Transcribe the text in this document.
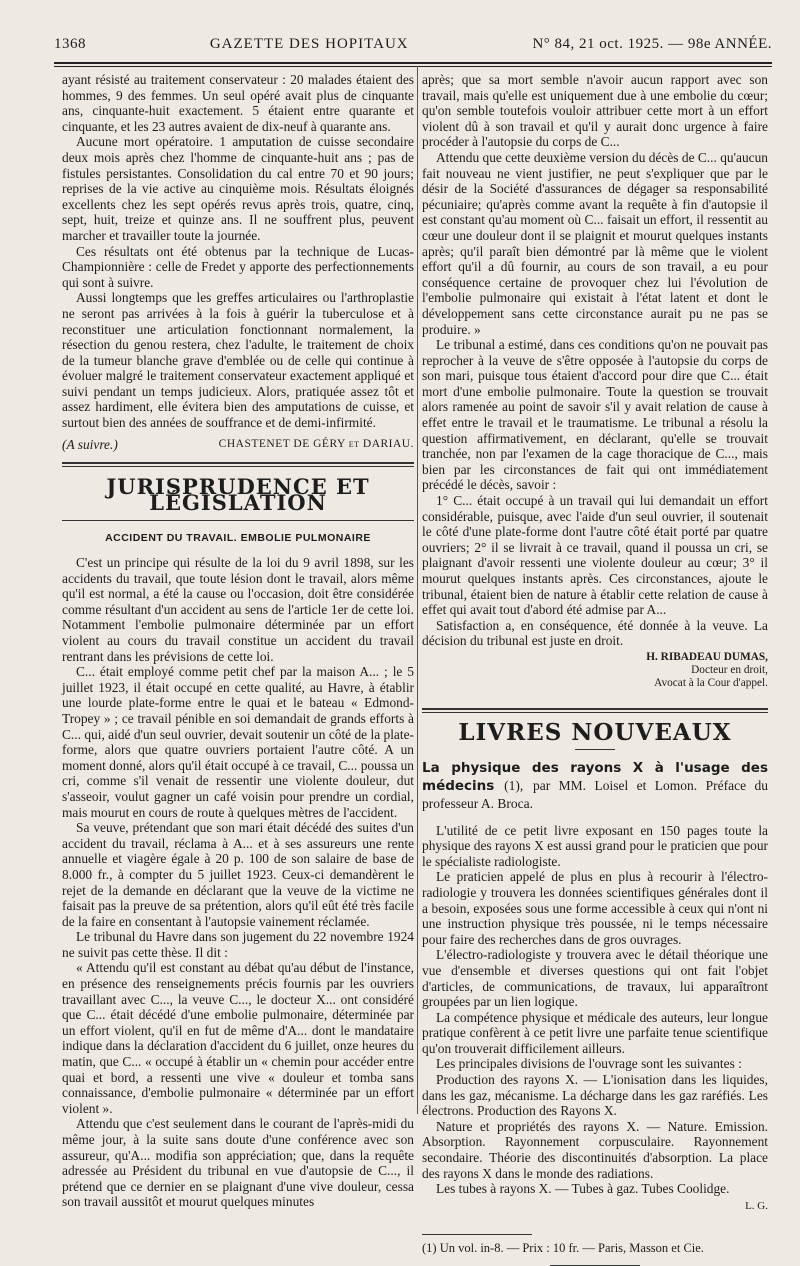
1368	GAZETTE DES HOPITAUX	N° 84, 21 oct. 1925. — 98e ANNÉE.

ayant résisté au traitement conservateur : 20 malades étaient des hommes, 9 des femmes. Un seul opéré avait plus de cinquante ans, cinquante-huit exactement. 5 étaient entre quarante et cinquante, et les 23 autres avaient de dix-neuf à quarante ans.

Aucune mort opératoire. 1 amputation de cuisse secondaire deux mois après chez l'homme de cinquante-huit ans ; pas de fistules persistantes. Consolidation du cal entre 70 et 90 jours; reprises de la vie active au cinquième mois. Résultats éloignés excellents chez les sept opérés revus après trois, quatre, cinq, sept, huit, treize et quinze ans. Il ne souffrent plus, peuvent marcher et travailler toute la journée.

Ces résultats ont été obtenus par la technique de Lucas-Championnière : celle de Fredet y apporte des perfectionnements qui sont à suivre.

Aussi longtemps que les greffes articulaires ou l'arthroplastie ne seront pas arrivées à la fois à guérir la tuberculose et à reconstituer une articulation fonctionnant normalement, la résection du genou restera, chez l'adulte, le traitement de choix de la tumeur blanche grave d'emblée ou de celle qui continue à évoluer malgré le traitement conservateur exactement appliqué et suivi pendant un temps judicieux. Alors, pratiquée assez tôt et assez hardiment, elle évitera bien des amputations de cuisse, et surtout bien des années de souffrance et de demi-infirmité.

(A suivre.)	CHASTENET DE GÉRY et DARIAU.
JURISPRUDENCE ET LÉGISLATION
ACCIDENT DU TRAVAIL. EMBOLIE PULMONAIRE

C'est un principe qui résulte de la loi du 9 avril 1898, sur les accidents du travail, que toute lésion dont le travail, alors même qu'il est normal, a été la cause ou l'occasion, doit être considérée comme résultant d'un accident au sens de l'article 1er de cette loi. Notamment l'embolie pulmonaire déterminée par un effort violent au cours du travail constitue un accident du travail rentrant dans les prévisions de cette loi.

C... était employé comme petit chef par la maison A... ; le 5 juillet 1923, il était occupé en cette qualité, au Havre, à établir une lourde plate-forme entre le quai et le bateau « Edmond-Tropey » ; ce travail pénible en soi demandait de grands efforts à C... qui, aidé d'un seul ouvrier, devait soutenir un côté de la plate-forme, alors que quatre ouvriers portaient l'autre côté. A un moment donné, alors qu'il était occupé à ce travail, C... poussa un cri, comme s'il venait de ressentir une violente douleur, dut s'asseoir, voulut gagner un café voisin pour prendre un cordial, mais mourut en cours de route à quelques mètres de l'accident.

Sa veuve, prétendant que son mari était décédé des suites d'un accident du travail, réclama à A... et à ses assureurs une rente annuelle et viagère égale à 20 p. 100 de son salaire de base de 8.000 fr., à compter du 5 juillet 1923. Ceux-ci demandèrent le rejet de la demande en déclarant que la veuve de la victime ne faisait pas la preuve de sa prétention, alors qu'il eût été très facile de la faire en consentant à l'autopsie vainement réclamée.

Le tribunal du Havre dans son jugement du 22 novembre 1924 ne suivit pas cette thèse. Il dit :

« Attendu qu'il est constant au débat qu'au début de l'instance, en présence des renseignements précis fournis par les ouvriers travaillant avec C..., la veuve C..., le docteur X... ont considéré que C... était décédé d'une embolie pulmonaire, déterminée par un effort violent, qu'il en fut de même d'A... dont le mandataire indique dans la déclaration d'accident du 6 juillet, onze heures du matin, que C... « occupé à établir un « chemin pour accéder entre quai et bord, a ressenti une vive « douleur et tomba sans connaissance, d'embolie pulmonaire « déterminée par un effort violent ».

Attendu que c'est seulement dans le courant de l'après-midi du même jour, à la suite sans doute d'une conférence avec son assureur, qu'A... modifia son appréciation; que, dans la requête adressée au Président du tribunal en vue d'autopsie de C..., il prétend que ce dernier en se plaignant d'une vive douleur, cessa son travail aussitôt et mourut quelques minutes

après; que sa mort semble n'avoir aucun rapport avec son travail, mais qu'elle est uniquement due à une embolie du cœur; qu'on semble toutefois vouloir attribuer cette mort à un effort violent dû à son travail et qu'il y aurait donc urgence à faire procéder à l'autopsie du corps de C...

Attendu que cette deuxième version du décès de C... qu'aucun fait nouveau ne vient justifier, ne peut s'expliquer que par le désir de la Société d'assurances de dégager sa responsabilité pécuniaire; qu'après comme avant la requête à fin d'autopsie il est constant qu'au moment où C... faisait un effort, il ressentit au cœur une douleur dont il se plaignit et mourut quelques instants après; qu'il paraît bien démontré par là même que le violent effort qu'il a dû fournir, au cours de son travail, a eu pour conséquence certaine de provoquer chez lui l'évolution de l'embolie pulmonaire qui existait à l'état latent et dont le développement sans cette circonstance aurait pu ne pas se produire. »

Le tribunal a estimé, dans ces conditions qu'on ne pouvait pas reprocher à la veuve de s'être opposée à l'autopsie du corps de son mari, puisque tous étaient d'accord pour dire que C... était mort d'une embolie pulmonaire. Toute la question se trouvait alors ramenée au point de savoir s'il y avait relation de cause à effet entre le travail et le traumatisme. Le tribunal a résolu la question affirmativement, en déclarant, qu'elle se trouvait tranchée, non par l'examen de la cage thoracique de C..., mais bien par les circonstances de fait qui ont immédiatement précédé le décès, savoir :

1° C... était occupé à un travail qui lui demandait un effort considérable, puisque, avec l'aide d'un seul ouvrier, il soutenait le côté d'une plate-forme dont l'autre côté était porté par quatre ouvriers; 2° il se livrait à ce travail, quand il poussa un cri, se plaignant d'avoir ressenti une violente douleur au cœur; 3° il mourut quelques instants après. Ces circonstances, ajoute le tribunal, étaient bien de nature à établir cette relation de cause à effet qui avait tout d'abord été admise par A...

Satisfaction a, en conséquence, été donnée à la veuve. La décision du tribunal est juste en droit.

H. RIBADEAU DUMAS,
Docteur en droit,
Avocat à la Cour d'appel.
LIVRES NOUVEAUX
La physique des rayons X à l'usage des médecins (1), par MM. Loisel et Lomon. Préface du professeur A. Broca.

L'utilité de ce petit livre exposant en 150 pages toute la physique des rayons X est aussi grand pour le praticien que pour le spécialiste radiologiste.

Le praticien appelé de plus en plus à recourir à l'électro-radiologie y trouvera les données scientifiques générales dont il a besoin, exposées sous une forme accessible à ceux qui n'ont ni une instruction physique très poussée, ni le temps nécessaire pour faire des recherches dans de gros ouvrages.

L'électro-radiologiste y trouvera avec le détail théorique une vue d'ensemble et diverses questions qui ont fait l'objet d'articles, de communications, de travaux, lui apparaîtront groupées par un lien logique.

La compétence physique et médicale des auteurs, leur longue pratique confèrent à ce petit livre une parfaite tenue scientifique qu'on trouverait difficilement ailleurs.

Les principales divisions de l'ouvrage sont les suivantes :

Production des rayons X. — L'ionisation dans les liquides, dans les gaz, mécanisme. La décharge dans les gaz raréfiés. Les électrons. Production des Rayons X.

Nature et propriétés des rayons X. — Nature. Emission. Absorption. Rayonnement corpusculaire. Rayonnement secondaire. Théorie des discontinuités d'absorption. La place des rayons X dans le monde des radiations.

Les tubes à rayons X. — Tubes à gaz. Tubes Coolidge.

L. G.

(1) Un vol. in-8. — Prix : 10 fr. — Paris, Masson et Cie.
